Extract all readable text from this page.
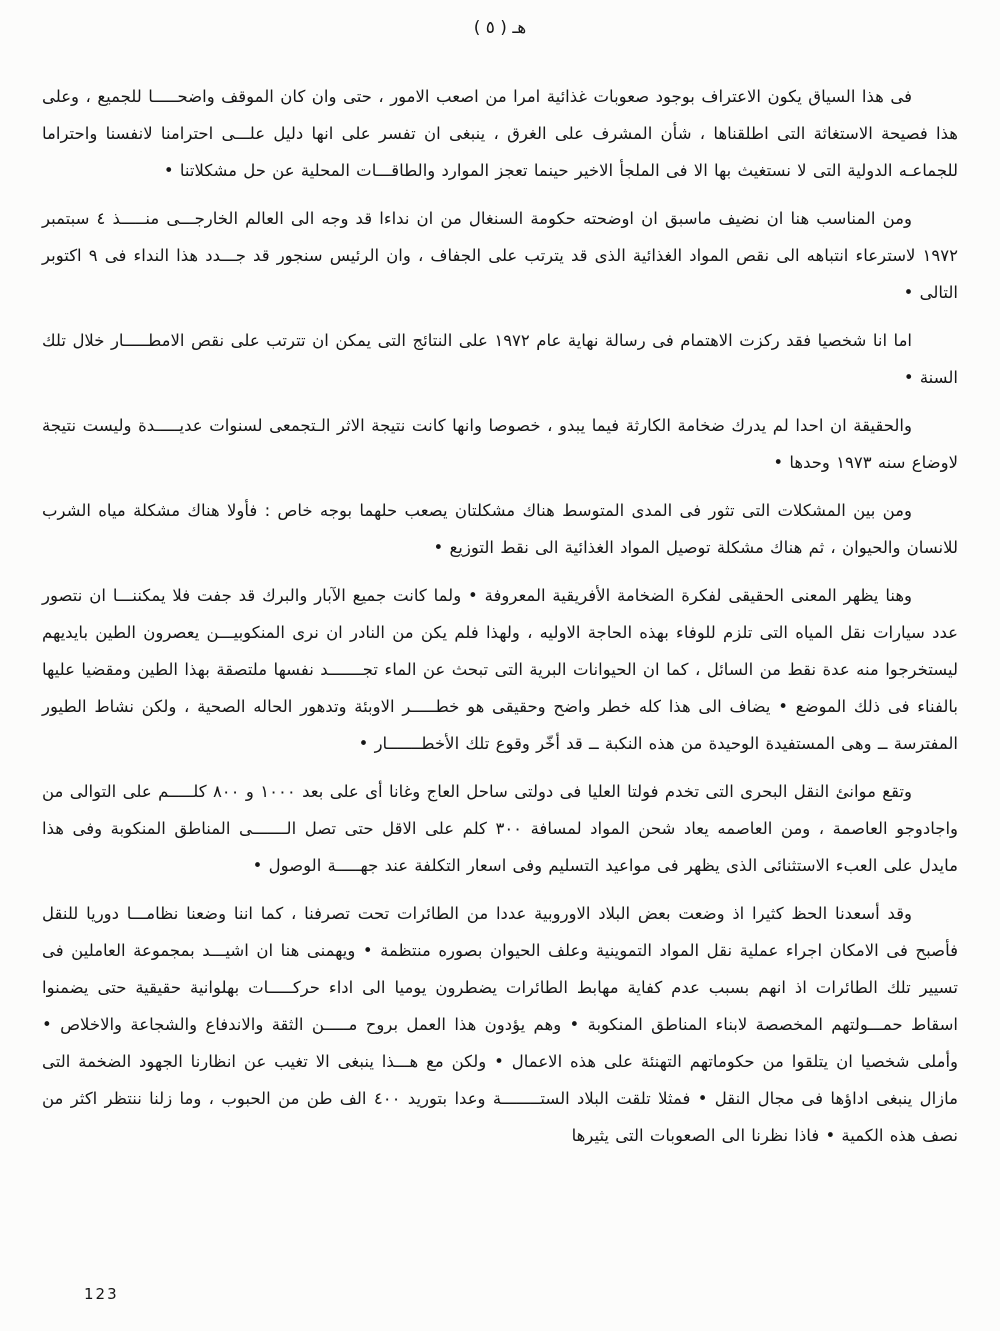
هـ ( ٥ )

فى هذا السياق يكون الاعتراف بوجود صعوبات غذائية امرا من اصعب الامور ، حتى وان كان الموقف واضحـــــا للجميع ، وعلى هذا فصيحة الاستغاثة التى اطلقناها ، شأن المشرف على الغرق ، ينبغى ان تفسر على انها دليل علـــى احترامنا لانفسنا واحتراما للجماعـه الدولية التى لا نستغيث بها الا فى الملجأ الاخير حينما تعجز الموارد والطاقـــات المحلية عن حل مشكلاتنا •

ومن المناسب هنا ان نضيف ماسبق ان اوضحته حكومة السنغال من ان نداءا قد وجه الى العالم الخارجـــى منـــــذ ٤ سبتمبر ١٩٧٢ لاسترعاء انتباهه الى نقص المواد الغذائية الذى قد يترتب على الجفاف ، وان الرئيس سنجور قد جـــدد هذا النداء فى ٩ اكتوبر التالى •

اما انا شخصيا فقد ركزت الاهتمام فى رسالة نهاية عام ١٩٧٢ على النتائج التى يمكن ان تترتب على نقص الامطـــــار خلال تلك السنة •

والحقيقة ان احدا لم يدرك ضخامة الكارثة فيما يبدو ، خصوصا وانها كانت نتيجة الاثر الـتجمعى لسنوات عديـــــدة وليست نتيجة لاوضاع سنه ١٩٧٣ وحدها •

ومن بين المشكلات التى تثور فى المدى المتوسط هناك مشكلتان يصعب حلهما بوجه خاص : فأولا هناك مشكلة مياه الشرب للانسان والحيوان ، ثم هناك مشكلة توصيل المواد الغذائية الى نقط التوزيع •

وهنا يظهر المعنى الحقيقى لفكرة الضخامة الأفريقية المعروفة • ولما كانت جميع الآبار والبرك قد جفت فلا يمكننـــا ان نتصور عدد سيارات نقل المياه التى تلزم للوفاء بهذه الحاجة الاوليه ، ولهذا فلم يكن من النادر ان نرى المنكوبيـــن يعصرون الطين بايديهم ليستخرجوا منه عدة نقط من السائل ، كما ان الحيوانات البرية التى تبحث عن الماء تجـــــــد نفسها ملتصقة بهذا الطين ومقضيا عليها بالفناء فى ذلك الموضع • يضاف الى هذا كله خطر واضح وحقيقى هو خطـــــر الاوبئة وتدهور الحاله الصحية ، ولكن نشاط الطيور المفترسة ــ وهى المستفيدة الوحيدة من هذه النكبة ــ قد أخّر وقوع تلك الأخطـــــــار •

وتقع موانئ النقل البحرى التى تخدم فولتا العليا فى دولتى ساحل العاج وغانا أى على بعد ١٠٠٠ و ٨٠٠ كلـــــم على التوالى من واجادوجو العاصمة ، ومن العاصمه يعاد شحن المواد لمسافة ٣٠٠ كلم على الاقل حتى تصل الـــــــى المناطق المنكوبة وفى هذا مايدل على العبء الاستثنائى الذى يظهر فى مواعيد التسليم وفى اسعار التكلفة عند جهـــــة الوصول •

وقد أسعدنا الحظ كثيرا اذ وضعت بعض البلاد الاوروبية عددا من الطائرات تحت تصرفنا ، كما اننا وضعنا نظامـــا دوريا للنقل فأصبح فى الامكان اجراء عملية نقل المواد التموينية وعلف الحيوان بصوره منتظمة • ويهمنى هنا ان اشيـــد بمجموعة العاملين فى تسيير تلك الطائرات اذ انهم بسبب عدم كفاية مهابط الطائرات يضطرون يوميا الى اداء حركـــــات بهلوانية حقيقية حتى يضمنوا اسقاط حمـــولتهم المخصصة لابناء المناطق المنكوبة • وهم يؤدون هذا العمل بروح مـــــن الثقة والاندفاع والشجاعة والاخلاص • وأملى شخصيا ان يتلقوا من حكوماتهم التهنئة على هذه الاعمال • ولكن مع هـــذا ينبغى الا تغيب عن انظارنا الجهود الضخمة التى مازال ينبغى اداؤها فى مجال النقل • فمثلا تلقت البلاد الستــــــــة وعدا بتوريد ٤٠٠ الف طن من الحبوب ، وما زلنا ننتظر اكثر من نصف هذه الكمية • فاذا نظرنا الى الصعوبات التى يثيرها

123
